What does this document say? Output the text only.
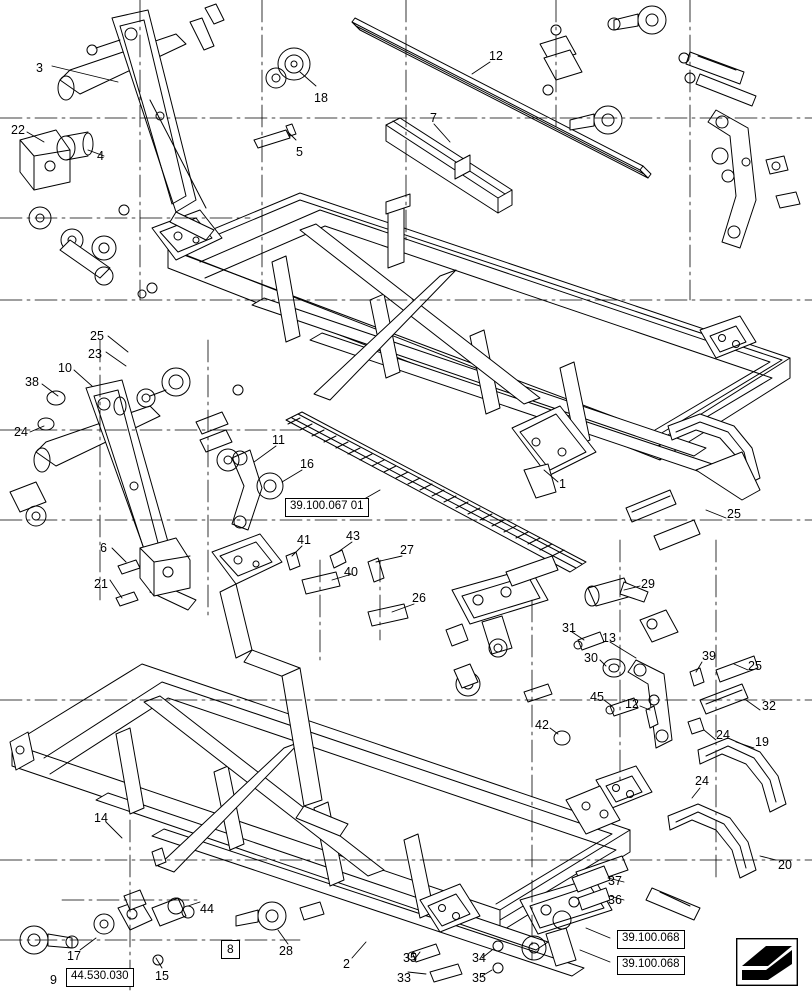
3
22
4	5
18
12
7
1
25
23
10
38
24
11
16
6
21
41	43
40
27
26
29
31
13
39
30
25
45 12	32
42
24 19
24
20
25
14
44
17
15
28
2
33
35	34
35
37
36
9
39.100.067 01
39.100.068
39.100.068
44.530.030
8
